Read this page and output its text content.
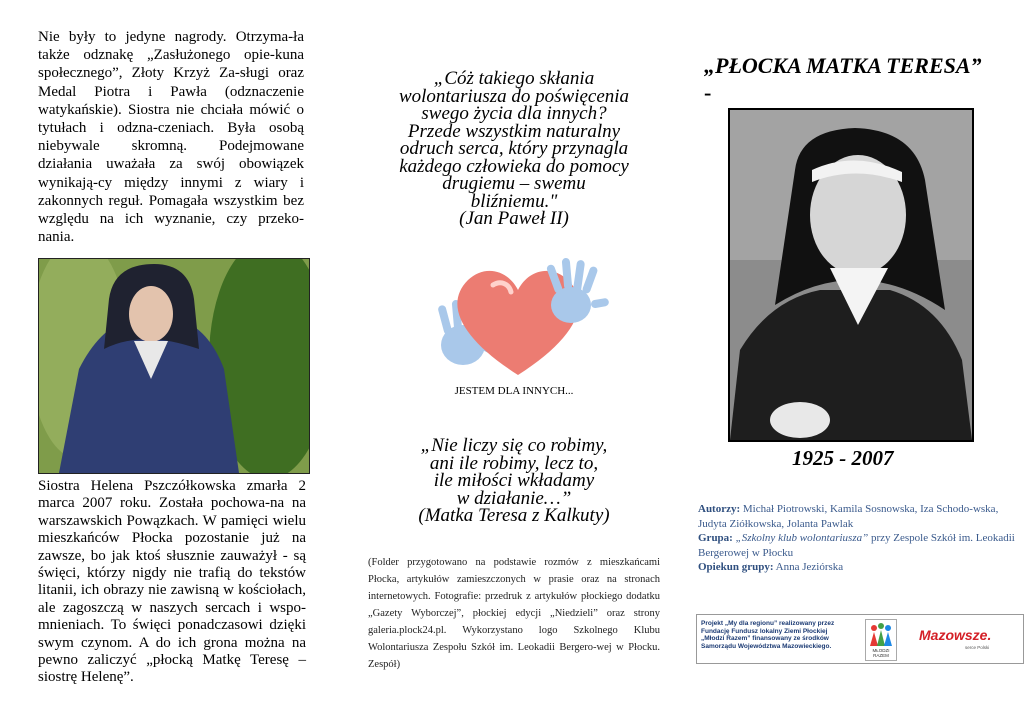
Nie były to jedyne nagrody. Otrzyma-ła także odznakę „Zasłużonego opie-kuna społecznego”, Złoty Krzyż Za-sługi oraz Medal Piotra i Pawła (odznaczenie watykańskie). Siostra nie chciała mówić o tytułach i odzna-czeniach. Była osobą niebywale skromną. Podejmowane działania uważała za swój obowiązek wynikają-cy między innymi z wiary i zakonnych reguł. Pomagała wszystkim bez względu na ich wyznanie, czy przeko-nania.

Siostra Helena Pszczółkowska zmarła 2 marca 2007 roku. Została pochowa-na na warszawskich Powązkach. W pamięci wielu mieszkańców Płocka pozostanie już na zawsze, bo jak ktoś słusznie zauważył - są święci, którzy nigdy nie trafią do tekstów litanii, ich obrazy nie zawisną w kościołach, ale zagoszczą w naszych sercach i wspo-mnieniach. To święci ponadczasowi dzięki swym czynom. A do ich grona można na pewno zaliczyć „płocką Matkę Teresę – siostrę Helenę”.

„Cóż takiego skłania
wolontariusza do poświęcenia
swego życia dla innych?
Przede wszystkim naturalny
odruch serca, który przynagla
każdego człowieka do pomocy
drugiemu – swemu
bliźniemu."
(Jan Paweł II)

JESTEM DLA INNYCH...

„Nie liczy się co robimy,
ani ile robimy, lecz to,
ile miłości wkładamy
w działanie…”
(Matka Teresa z Kalkuty)

(Folder przygotowano na podstawie rozmów z mieszkańcami Płocka, artykułów zamieszczonych w prasie oraz na stronach internetowych. Fotografie: przedruk z artykułów płockiego dodatku „Gazety Wyborczej”, płockiej edycji „Niedzieli” oraz strony galeria.plock24.pl. Wykorzystano logo Szkolnego Klubu Wolontariusza Zespołu Szkół im. Leokadii Bergero-wej w Płocku. Zespół)

„PŁOCKA MATKA TERESA”
-
1925 - 2007

Autorzy: Michał Piotrowski, Kamila Sosnowska, Iza Schodo-wska, Judyta Ziółkowska, Jolanta Pawlak
Grupa: „Szkolny klub wolontariusza” przy Zespole Szkół im. Leokadii Bergerowej w Płocku
Opiekun grupy: Anna Jeziórska

Projekt „My dla regionu” realizowany przez Fundację Fundusz lokalny Ziemi Płockiej „Młodzi Razem” finansowany ze środków Samorządu Województwa Mazowieckiego.
MŁODZI RAZEM
Mazowsze.
serce Polski
